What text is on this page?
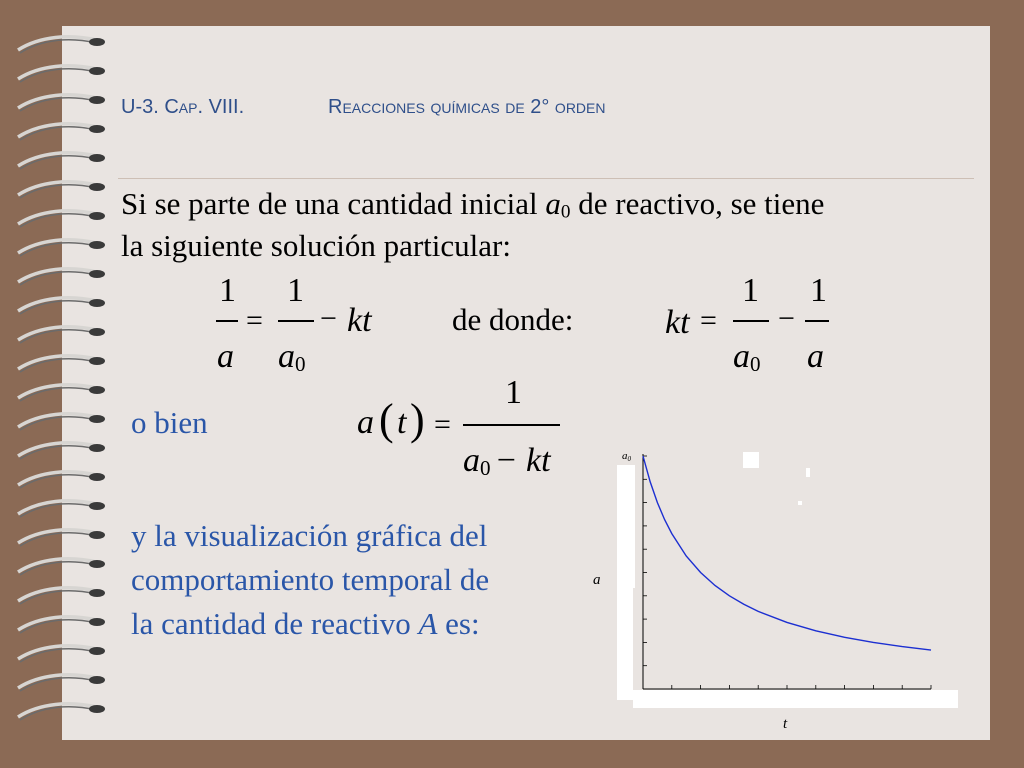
U-3. Cap. VIII.	Reacciones químicas de 2° orden
Si se parte de una cantidad inicial a0 de reactivo, se tiene
la siguiente solución particular:
1
a
=
1
a0
− kt	de donde:	kt =
1
a0
−
1
a
o bien	a ( t ) =
1
a0 − kt
y la visualización gráfica del
comportamiento temporal de
la cantidad de reactivo A es:
a0
a
t
